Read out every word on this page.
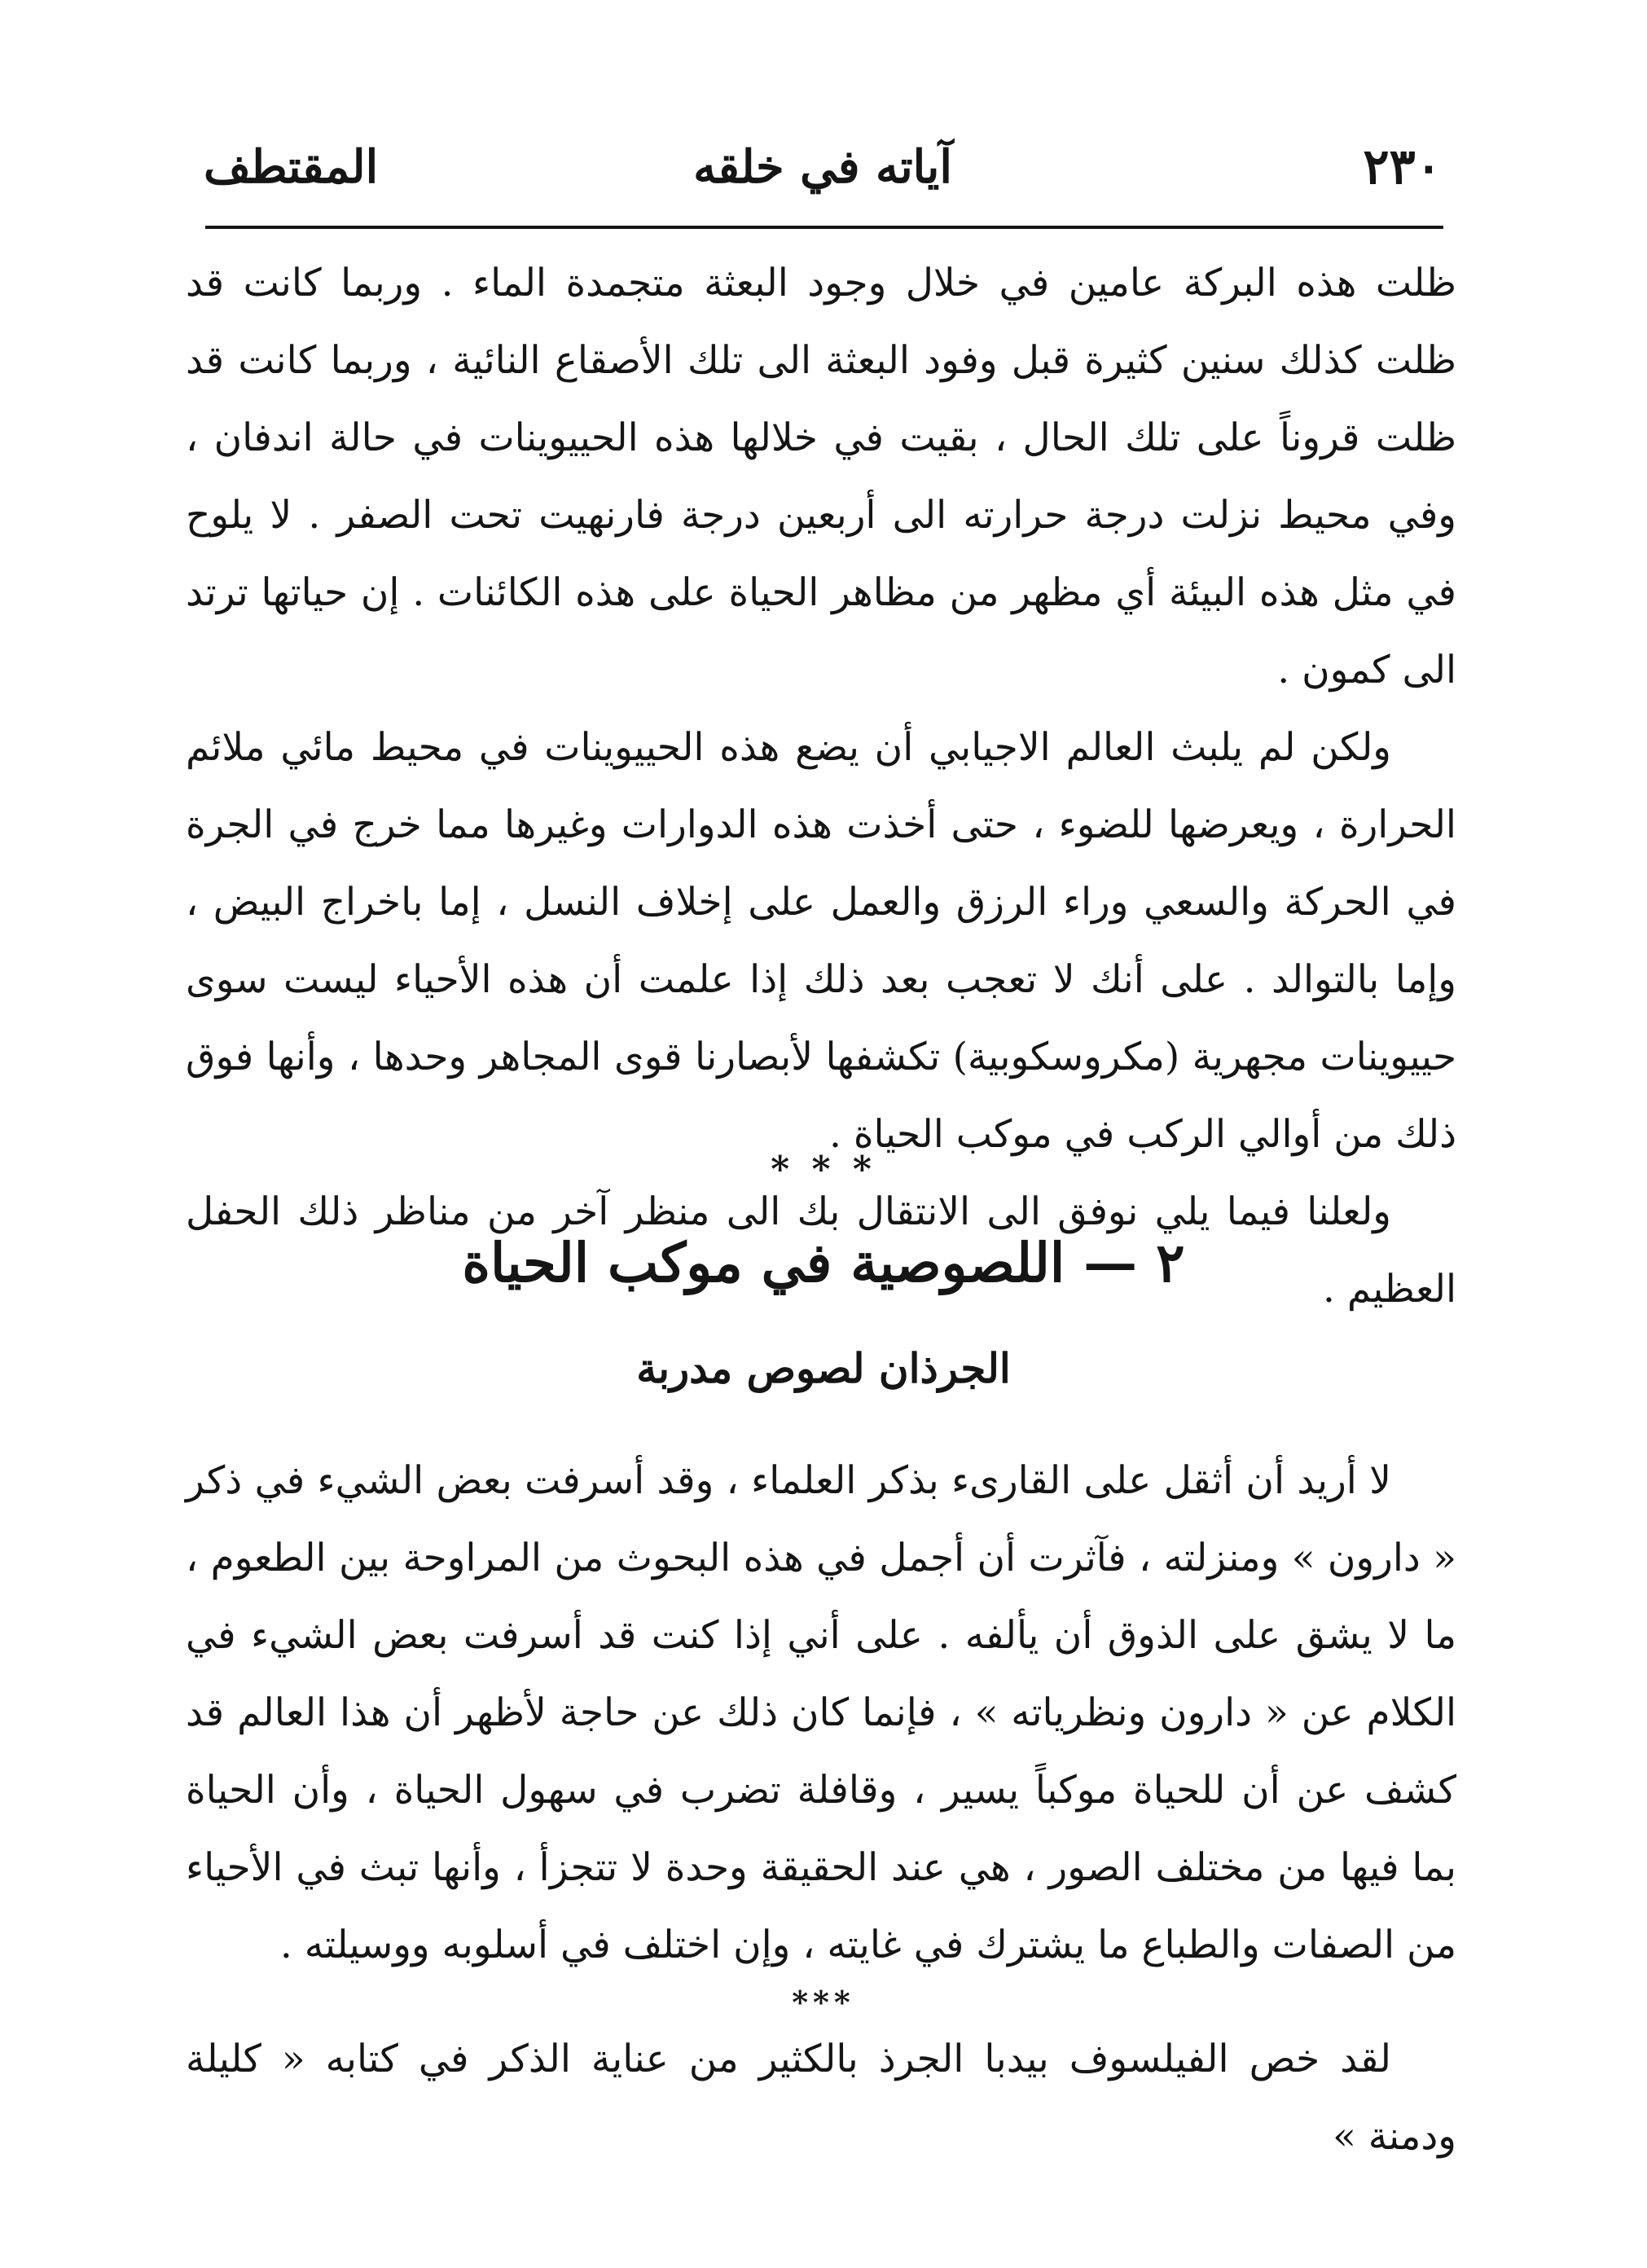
٢٣٠
آياته في خلقه
المقتطف

ظلت هذه البركة عامين في خلال وجود البعثة متجمدة الماء . وربما كانت قد ظلت كذلك سنين كثيرة قبل وفود البعثة الى تلك الأصقاع النائية ، وربما كانت قد ظلت قروناً على تلك الحال ، بقيت في خلالها هذه الحييوينات في حالة اندفان ، وفي محيط نزلت درجة حرارته الى أربعين درجة فارنهيت تحت الصفر . لا يلوح في مثل هذه البيئة أي مظهر من مظاهر الحياة على هذه الكائنات . إن حياتها ترتد الى كمون .

ولكن لم يلبث العالم الاجيابي أن يضع هذه الحييوينات في محيط مائي ملائم الحرارة ، ويعرضها للضوء ، حتى أخذت هذه الدوارات وغيرها مما خرج في الجرة في الحركة والسعي وراء الرزق والعمل على إخلاف النسل ، إما باخراج البيض ، وإما بالتوالد . على أنك لا تعجب بعد ذلك إذا علمت أن هذه الأحياء ليست سوى حييوينات مجهرية (مكروسكوبية) تكشفها لأبصارنا قوى المجاهر وحدها ، وأنها فوق ذلك من أوالي الركب في موكب الحياة .

ولعلنا فيما يلي نوفق الى الانتقال بك الى منظر آخر من مناظر ذلك الحفل العظيم .

* * *
٢ — اللصوصية في موكب الحياة
الجرذان لصوص مدربة

لا أريد أن أثقل على القارىء بذكر العلماء ، وقد أسرفت بعض الشيء في ذكر « دارون » ومنزلته ، فآثرت أن أجمل في هذه البحوث من المراوحة بين الطعوم ، ما لا يشق على الذوق أن يألفه . على أني إذا كنت قد أسرفت بعض الشيء في الكلام عن « دارون ونظرياته » ، فإنما كان ذلك عن حاجة لأظهر أن هذا العالم قد كشف عن أن للحياة موكباً يسير ، وقافلة تضرب في سهول الحياة ، وأن الحياة بما فيها من مختلف الصور ، هي عند الحقيقة وحدة لا تتجزأ ، وأنها تبث في الأحياء من الصفات والطباع ما يشترك في غايته ، وإن اختلف في أسلوبه ووسيلته .

***

لقد خص الفيلسوف بيدبا الجرذ بالكثير من عناية الذكر في كتابه « كليلة ودمنة »
